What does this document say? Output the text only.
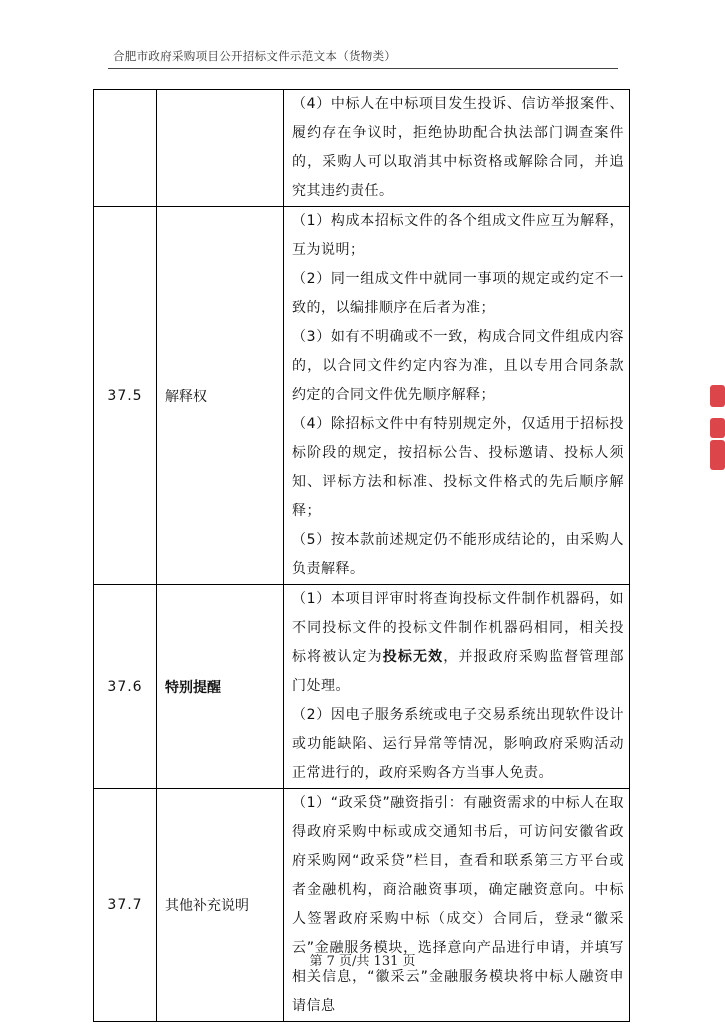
合肥市政府采购项目公开招标文件示范文本（货物类）

		（4）中标人在中标项目发生投诉、信访举报案件、履约存在争议时，拒绝协助配合执法部门调查案件的，采购人可以取消其中标资格或解除合同，并追究其违约责任。

37.5	解释权	（1）构成本招标文件的各个组成文件应互为解释，互为说明；
（2）同一组成文件中就同一事项的规定或约定不一致的，以编排顺序在后者为准；
（3）如有不明确或不一致，构成合同文件组成内容的，以合同文件约定内容为准，且以专用合同条款约定的合同文件优先顺序解释；
（4）除招标文件中有特别规定外，仅适用于招标投标阶段的规定，按招标公告、投标邀请、投标人须知、评标方法和标准、投标文件格式的先后顺序解释；
（5）按本款前述规定仍不能形成结论的，由采购人负责解释。

37.6	特别提醒	（1）本项目评审时将查询投标文件制作机器码，如不同投标文件的投标文件制作机器码相同，相关投标将被认定为投标无效，并报政府采购监督管理部门处理。
（2）因电子服务系统或电子交易系统出现软件设计或功能缺陷、运行异常等情况，影响政府采购活动正常进行的，政府采购各方当事人免责。

37.7	其他补充说明	（1）“政采贷”融资指引：有融资需求的中标人在取得政府采购中标或成交通知书后，可访问安徽省政府采购网“政采贷”栏目，查看和联系第三方平台或者金融机构，商洽融资事项，确定融资意向。中标人签署政府采购中标（成交）合同后，登录“徽采云”金融服务模块，选择意向产品进行申请，并填写相关信息，“徽采云”金融服务模块将中标人融资申请信息
第 7 页/共 131 页
